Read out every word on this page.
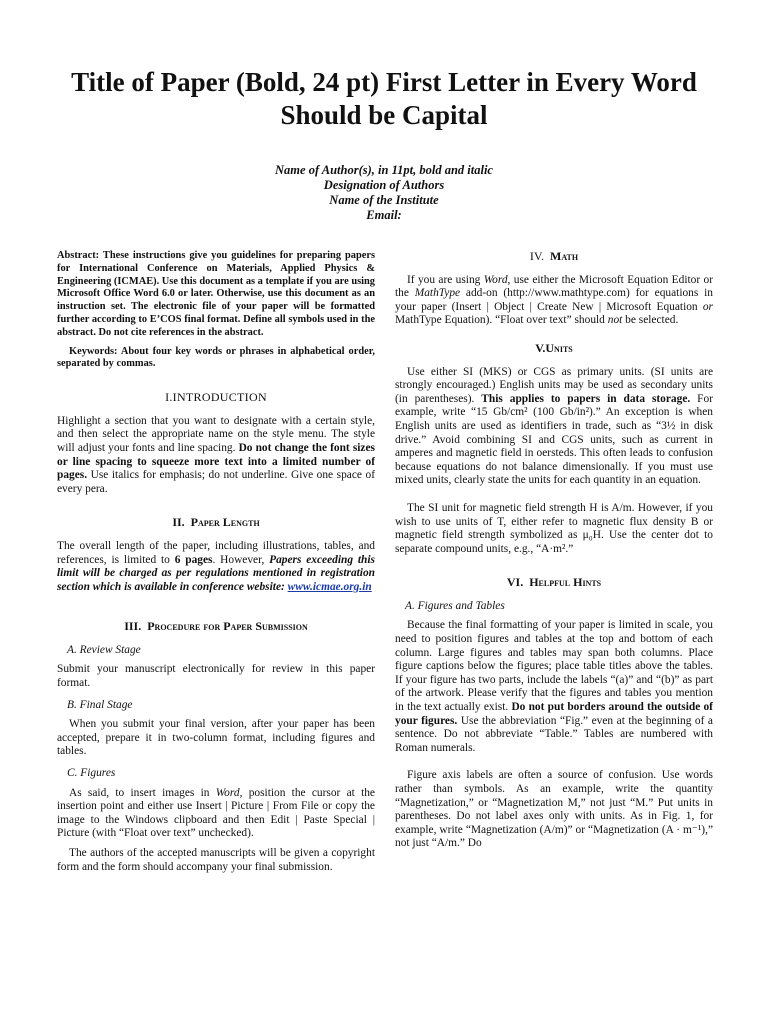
Title of Paper (Bold, 24 pt) First Letter in Every Word Should be Capital
Name of Author(s), in 11pt, bold and italic
Designation of Authors
Name of the Institute
Email:

Abstract: These instructions give you guidelines for preparing papers for International Conference on Materials, Applied Physics & Engineering (ICMAE). Use this document as a template if you are using Microsoft Office Word 6.0 or later. Otherwise, use this document as an instruction set. The electronic file of your paper will be formatted further according to E’COS final format. Define all symbols used in the abstract. Do not cite references in the abstract.

Keywords: About four key words or phrases in alphabetical order, separated by commas.

I.INTRODUCTION

Highlight a section that you want to designate with a certain style, and then select the appropriate name on the style menu. The style will adjust your fonts and line spacing. Do not change the font sizes or line spacing to squeeze more text into a limited number of pages. Use italics for emphasis; do not underline. Give one space of every pera.

II. Paper Length

The overall length of the paper, including illustrations, tables, and references, is limited to 6 pages. However, Papers exceeding this limit will be charged as per regulations mentioned in registration section which is available in conference website: www.icmae.org.in

III. Procedure for Paper Submission
A. Review Stage

Submit your manuscript electronically for review in this paper format.

B. Final Stage

When you submit your final version, after your paper has been accepted, prepare it in two-column format, including figures and tables.

C. Figures

As said, to insert images in Word, position the cursor at the insertion point and either use Insert | Picture | From File or copy the image to the Windows clipboard and then Edit | Paste Special | Picture (with “Float over text” unchecked).

The authors of the accepted manuscripts will be given a copyright form and the form should accompany your final submission.

IV. Math

If you are using Word, use either the Microsoft Equation Editor or the MathType add-on (http://www.mathtype.com) for equations in your paper (Insert | Object | Create New | Microsoft Equation or MathType Equation). “Float over text” should not be selected.

V.Units

Use either SI (MKS) or CGS as primary units. (SI units are strongly encouraged.) English units may be used as secondary units (in parentheses). This applies to papers in data storage. For example, write “15 Gb/cm² (100 Gb/in²).” An exception is when English units are used as identifiers in trade, such as “3½ in disk drive.” Avoid combining SI and CGS units, such as current in amperes and magnetic field in oersteds. This often leads to confusion because equations do not balance dimensionally. If you must use mixed units, clearly state the units for each quantity in an equation.

The SI unit for magnetic field strength H is A/m. However, if you wish to use units of T, either refer to magnetic flux density B or magnetic field strength symbolized as μ₀H. Use the center dot to separate compound units, e.g., “A·m².”

VI. Helpful Hints
A. Figures and Tables

Because the final formatting of your paper is limited in scale, you need to position figures and tables at the top and bottom of each column. Large figures and tables may span both columns. Place figure captions below the figures; place table titles above the tables. If your figure has two parts, include the labels “(a)” and “(b)” as part of the artwork. Please verify that the figures and tables you mention in the text actually exist. Do not put borders around the outside of your figures. Use the abbreviation “Fig.” even at the beginning of a sentence. Do not abbreviate “Table.” Tables are numbered with Roman numerals.

Figure axis labels are often a source of confusion. Use words rather than symbols. As an example, write the quantity “Magnetization,” or “Magnetization M,” not just “M.” Put units in parentheses. Do not label axes only with units. As in Fig. 1, for example, write “Magnetization (A/m)” or “Magnetization (A · m⁻¹),” not just “A/m.” Do
